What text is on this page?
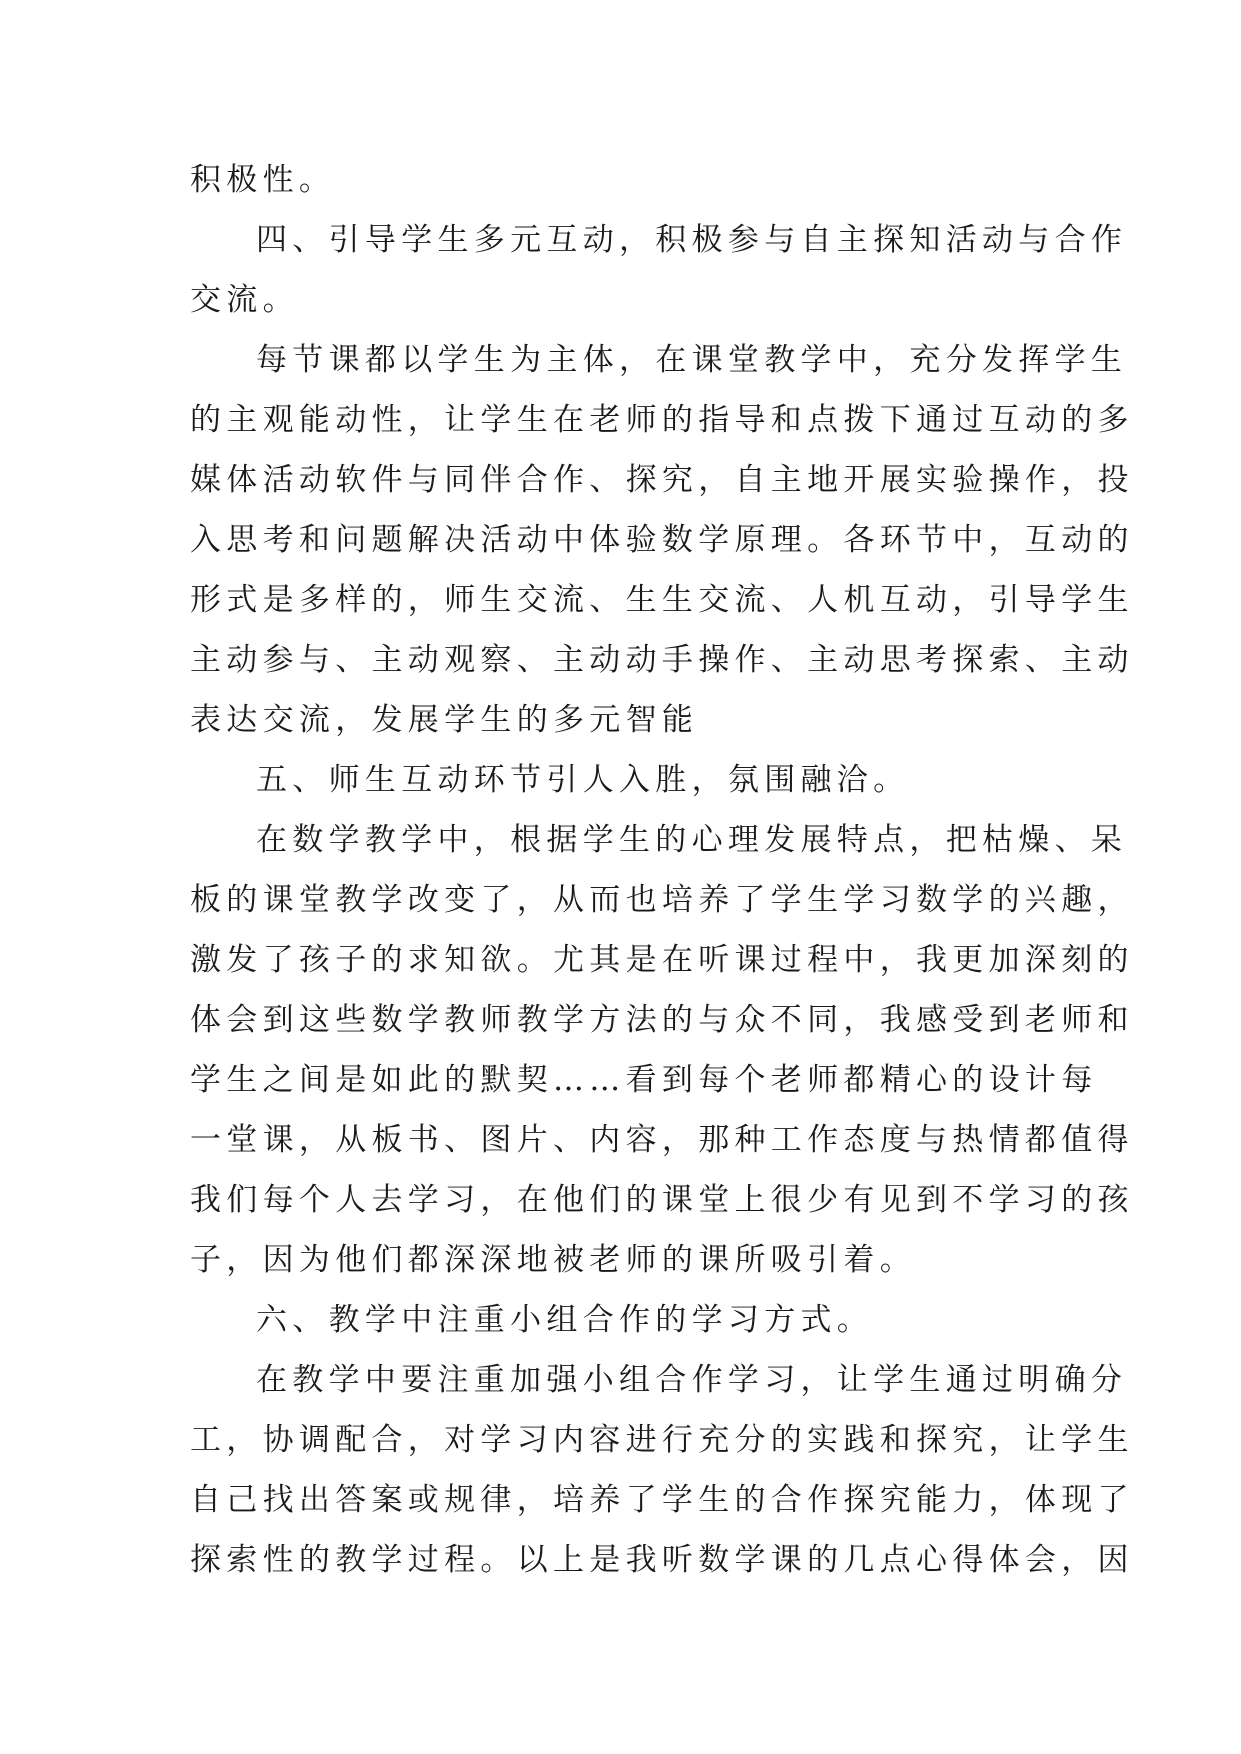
积极性。
四、引导学生多元互动，积极参与自主探知活动与合作
交流。
每节课都以学生为主体，在课堂教学中，充分发挥学生
的主观能动性，让学生在老师的指导和点拨下通过互动的多
媒体活动软件与同伴合作、探究，自主地开展实验操作，投
入思考和问题解决活动中体验数学原理。各环节中，互动的
形式是多样的，师生交流、生生交流、人机互动，引导学生
主动参与、主动观察、主动动手操作、主动思考探索、主动
表达交流，发展学生的多元智能
五、师生互动环节引人入胜，氛围融洽。
在数学教学中，根据学生的心理发展特点，把枯燥、呆
板的课堂教学改变了，从而也培养了学生学习数学的兴趣，
激发了孩子的求知欲。尤其是在听课过程中，我更加深刻的
体会到这些数学教师教学方法的与众不同，我感受到老师和
学生之间是如此的默契……看到每个老师都精心的设计每
一堂课，从板书、图片、内容，那种工作态度与热情都值得
我们每个人去学习，在他们的课堂上很少有见到不学习的孩
子，因为他们都深深地被老师的课所吸引着。
六、教学中注重小组合作的学习方式。
在教学中要注重加强小组合作学习，让学生通过明确分
工，协调配合，对学习内容进行充分的实践和探究，让学生
自己找出答案或规律，培养了学生的合作探究能力，体现了
探索性的教学过程。以上是我听数学课的几点心得体会，因
